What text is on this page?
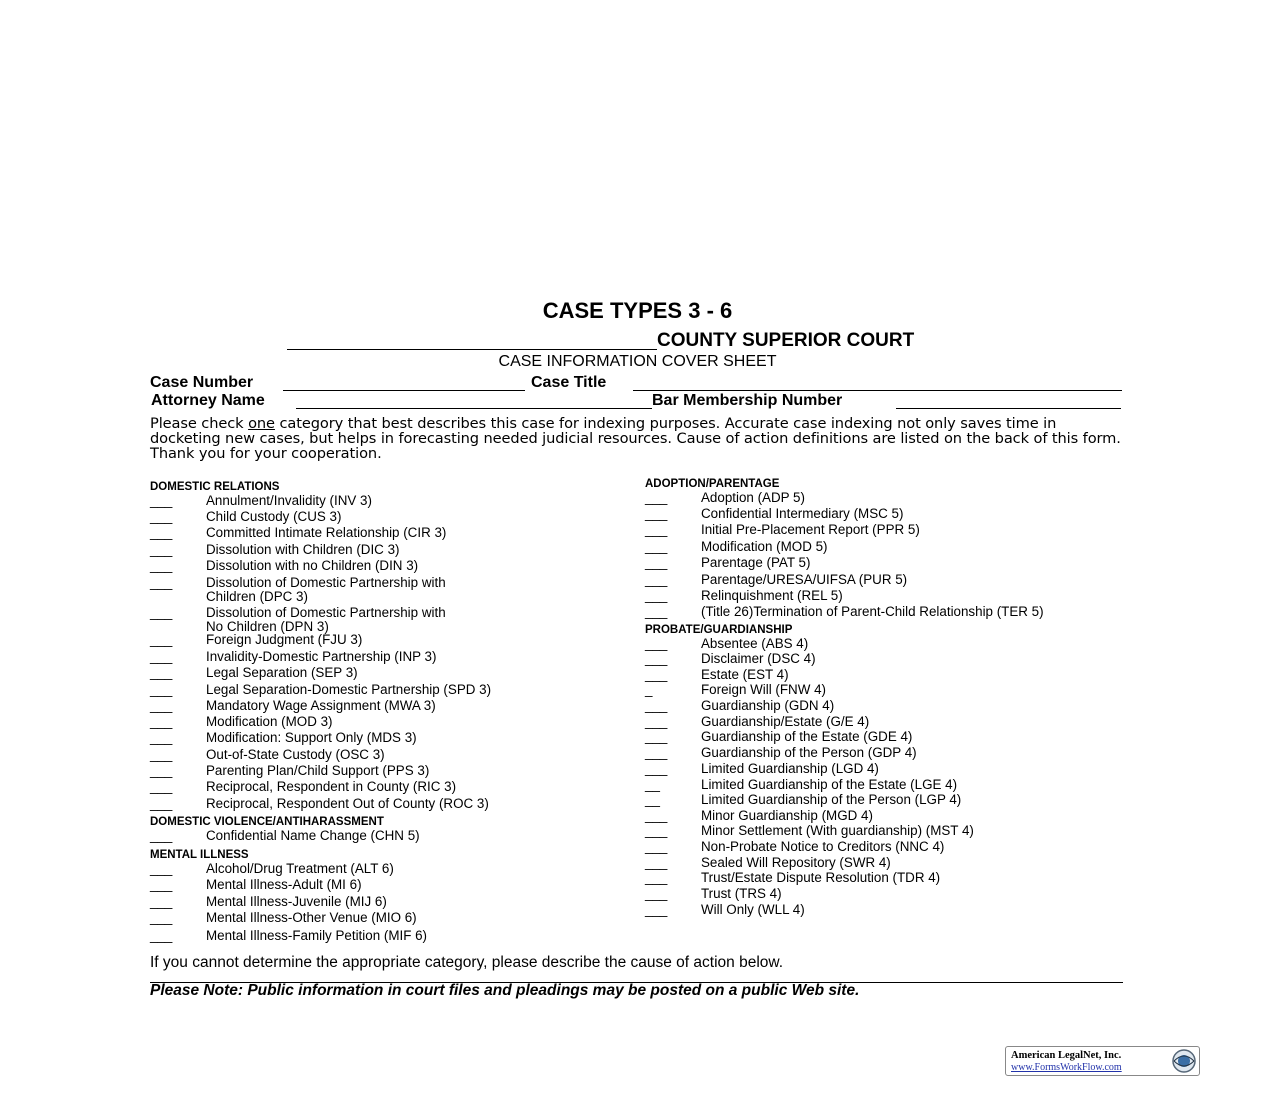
CASE TYPES 3 - 6
COUNTY SUPERIOR COURT
CASE INFORMATION COVER SHEET
Case Number	Case Title
Attorney Name	Bar Membership Number
Please check one category that best describes this case for indexing purposes. Accurate case indexing not only saves time in docketing new cases, but helps in forecasting needed judicial resources. Cause of action definitions are listed on the back of this form. Thank you for your cooperation.
DOMESTIC RELATIONS
___	Annulment/Invalidity (INV 3)
___	Child Custody (CUS 3)
___	Committed Intimate Relationship (CIR 3)
___	Dissolution with Children (DIC 3)
___	Dissolution with no Children (DIN 3)
___	Dissolution of Domestic Partnership with
Children (DPC 3)
___	Dissolution of Domestic Partnership with
No Children (DPN 3)
___	Foreign Judgment (FJU 3)
___	Invalidity-Domestic Partnership (INP 3)
___	Legal Separation (SEP 3)
___	Legal Separation-Domestic Partnership (SPD 3)
___	Mandatory Wage Assignment (MWA 3)
___	Modification (MOD 3)
___	Modification: Support Only (MDS 3)
___	Out-of-State Custody (OSC 3)
___	Parenting Plan/Child Support (PPS 3)
___	Reciprocal, Respondent in County (RIC 3)
___	Reciprocal, Respondent Out of County (ROC 3)
DOMESTIC VIOLENCE/ANTIHARASSMENT
___	Confidential Name Change (CHN 5)
MENTAL ILLNESS
___	Alcohol/Drug Treatment (ALT 6)
___	Mental Illness-Adult (MI 6)
___	Mental Illness-Juvenile (MIJ 6)
___	Mental Illness-Other Venue (MIO 6)
___	Mental Illness-Family Petition (MIF 6)
ADOPTION/PARENTAGE
___	Adoption (ADP 5)
___	Confidential Intermediary (MSC 5)
___	Initial Pre-Placement Report (PPR 5)
___	Modification (MOD 5)
___	Parentage (PAT 5)
___	Parentage/URESA/UIFSA (PUR 5)
___	Relinquishment (REL 5)
___	(Title 26)Termination of Parent-Child Relationship (TER 5)
PROBATE/GUARDIANSHIP
___	Absentee (ABS 4)
___	Disclaimer (DSC 4)
___	Estate (EST 4)
_	Foreign Will (FNW 4)
___	Guardianship (GDN 4)
___	Guardianship/Estate (G/E 4)
___	Guardianship of the Estate (GDE 4)
___	Guardianship of the Person (GDP 4)
___	Limited Guardianship (LGD 4)
__	Limited Guardianship of the Estate (LGE 4)
__	Limited Guardianship of the Person (LGP 4)
___	Minor Guardianship (MGD 4)
___	Minor Settlement (With guardianship) (MST 4)
___	Non-Probate Notice to Creditors (NNC 4)
___	Sealed Will Repository (SWR 4)
___	Trust/Estate Dispute Resolution (TDR 4)
___	Trust (TRS 4)
___	Will Only (WLL 4)
If you cannot determine the appropriate category, please describe the cause of action below.
Please Note: Public information in court files and pleadings may be posted on a public Web site.
American LegalNet, Inc.
www.FormsWorkFlow.com
